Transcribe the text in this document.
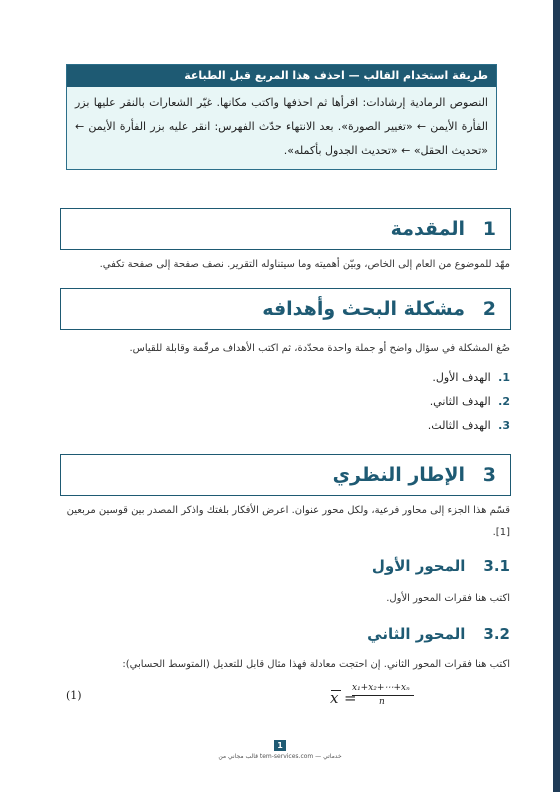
طريقة استخدام القالب — احذف هذا المربع قبل الطباعة
النصوص الرمادية إرشادات: اقرأها ثم احذفها واكتب مكانها. غيّر الشعارات بالنقر عليها بزر الفأرة الأيمن ← «تغيير الصورة». بعد الانتهاء حدّث الفهرس: انقر عليه بزر الفأرة الأيمن ← «تحديث الحقل» ← «تحديث الجدول بأكمله».
1
المقدمة
مهّد للموضوع من العام إلى الخاص، وبيّن أهميته وما سيتناوله التقرير. نصف صفحة إلى صفحة تكفي.
2
مشكلة البحث وأهدافه
صُغ المشكلة في سؤال واضح أو جملة واحدة محدّدة، ثم اكتب الأهداف مرقّمة وقابلة للقياس.
1. الهدف الأول.
2. الهدف الثاني.
3. الهدف الثالث.
3
الإطار النظري
قسّم هذا الجزء إلى محاور فرعية، ولكل محور عنوان. اعرض الأفكار بلغتك واذكر المصدر بين قوسين مربعين [1].
3.1المحور الأول
اكتب هنا فقرات المحور الأول.
3.2المحور الثاني
اكتب هنا فقرات المحور الثاني. إن احتجت معادلة فهذا مثال قابل للتعديل (المتوسط الحسابي):
x =
x₁+x₂+⋯+xₙ
n
(1)
1
قالب مجاني من tem-services.com — خدماتي
